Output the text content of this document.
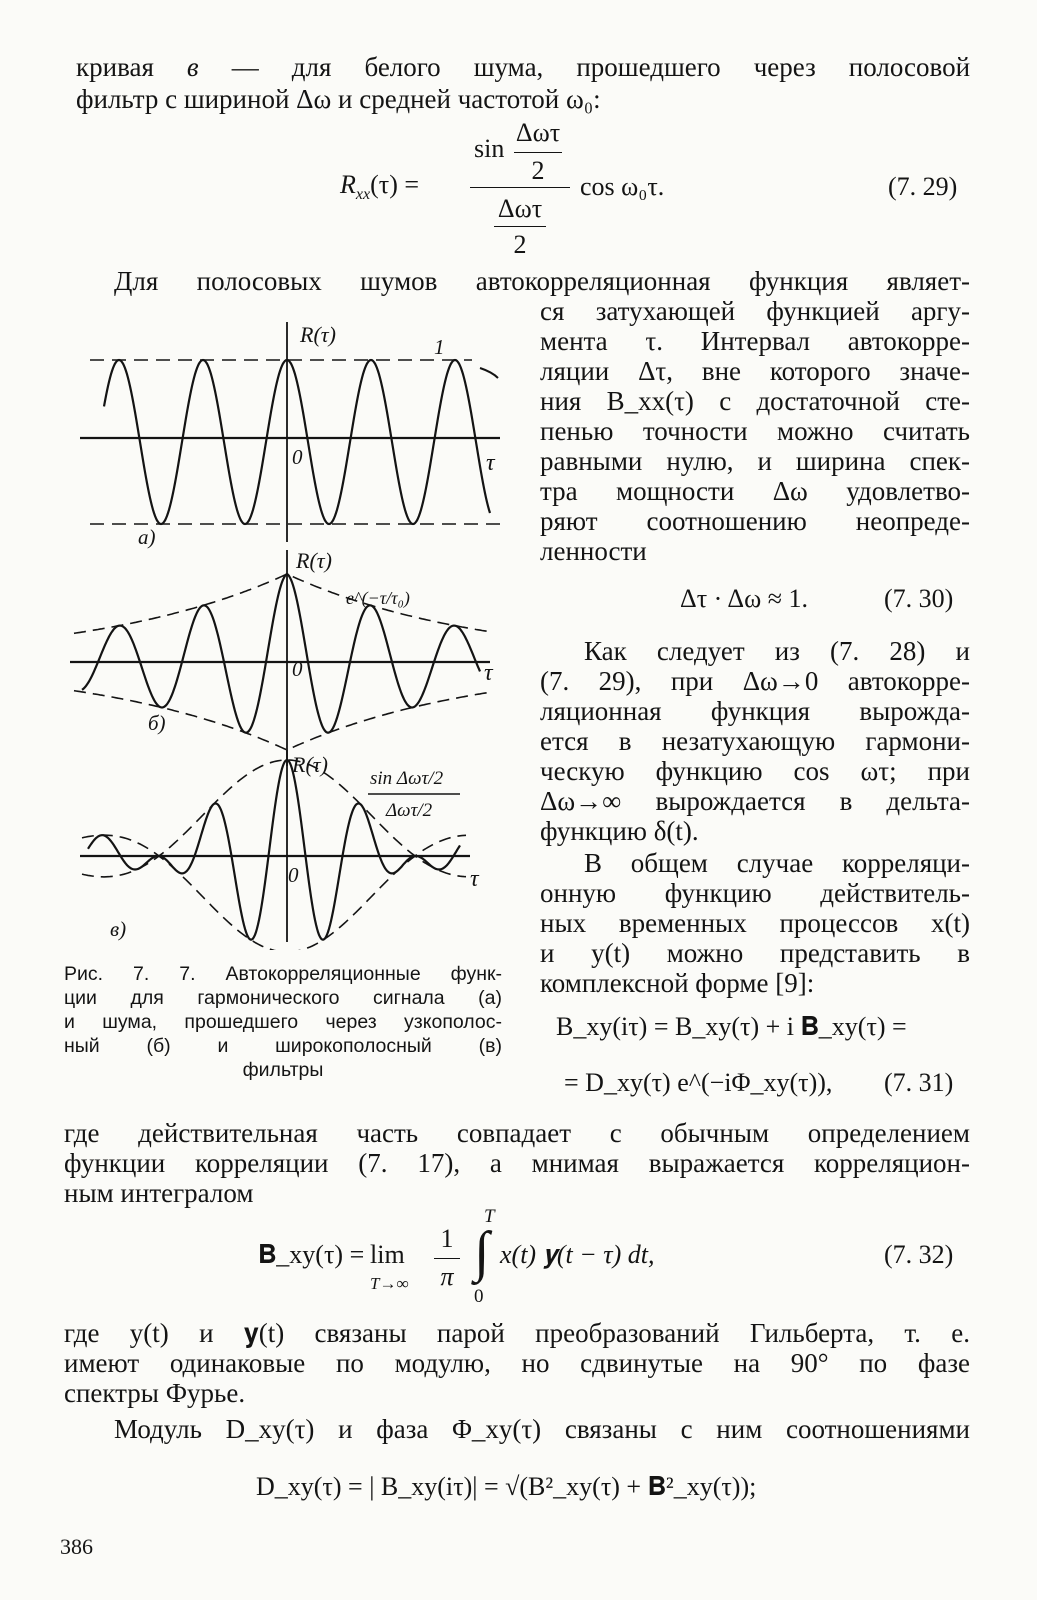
кривая в — для белого шума, прошедшего через полосовой
фильтр с шириной Δω и средней частотой ω₀:
$R_{xx}(\tau)$ =
sin
Δωτ
2
Δωτ
2
cos ω₀τ.	(7. 29)
Для полосовых шумов автокорреляционная функция являет-
ся затухающей функцией аргу-
мента τ. Интервал автокорре-
ляции Δτ, вне которого значе-
ния B_xx(τ) с достаточной сте-
пенью точности можно считать
равными нулю, и ширина спек-
тра мощности Δω удовлетво-
ряют соотношению неопреде-
ленности
Δτ · Δω ≈ 1.	(7. 30)
Как следует из (7. 28) и
(7. 29), при Δω→0 автокорре-
ляционная функция вырожда-
ется в незатухающую гармони-
ческую функцию cos ωτ; при
Δω→∞ вырождается в дельта-
функцию δ(t).
В общем случае корреляци-
онную функцию действитель-
ных временных процессов x(t)
и y(t) можно представить в
комплексной форме [9]:
B_xy(iτ) = B_xy(τ) + i 𝐁_xy(τ) =
= D_xy(τ) e^(−iΦ_xy(τ)), (7. 31)
R(τ)	1
0	τ
а)
R(τ)
e^(−τ/τ₀)
0	τ
б)
R(τ)
sin Δωτ/2
Δωτ/2
0	τ
в)
Рис. 7. 7. Автокорреляционные функ-
ции для гармонического сигнала (а)
и шума, прошедшего через узкополос-
ный (б) и широкополосный (в)
фильтры
где действительная часть совпадает с обычным определением
функции корреляции (7. 17), а мнимая выражается корреляцион-
ным интегралом
𝐁_xy(τ) = lim
T→∞
1
π
T
∫
0
x(t) 𝐲(t − τ) dt,	(7. 32)
где y(t) и 𝐲(t) связаны парой преобразований Гильберта, т. е.
имеют одинаковые по модулю, но сдвинутые на 90° по фазе
спектры Фурье.
Модуль D_xy(τ) и фаза Φ_xy(τ) связаны с ним соотношениями
D_xy(τ) = | B_xy(iτ)| = √(B²_xy(τ) + 𝐁²_xy(τ));
386
